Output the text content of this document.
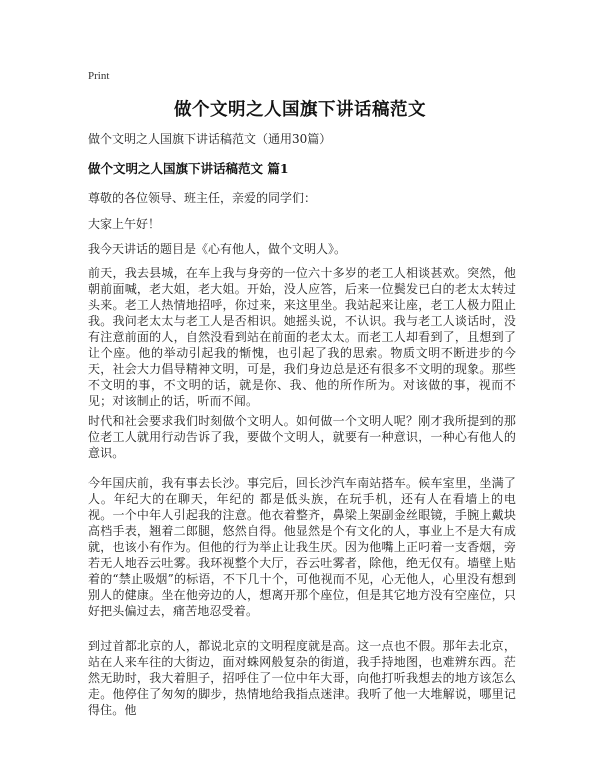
Print
做个文明之人国旗下讲话稿范文
做个文明之人国旗下讲话稿范文（通用30篇）
做个文明之人国旗下讲话稿范文 篇1
尊敬的各位领导、班主任，亲爱的同学们：
大家上午好！
我今天讲话的题目是《心有他人，做个文明人》。
前天，我去县城，在车上我与身旁的一位六十多岁的老工人相谈甚欢。突然，他朝前面喊，老大姐，老大姐。开始，没人应答，后来一位鬓发已白的老太太转过头来。老工人热情地招呼，你过来，来这里坐。我站起来让座，老工人极力阻止我。我问老太太与老工人是否相识。她摇头说，不认识。我与老工人谈话时，没有注意前面的人，自然没看到站在前面的老太太。而老工人却看到了，且想到了让个座。他的举动引起我的惭愧，也引起了我的思索。物质文明不断进步的今天，社会大力倡导精神文明，可是，我们身边总是还有很多不文明的现象。那些不文明的事，不文明的话，就是你、我、他的所作所为。对该做的事，视而不见；对该制止的话，听而不闻。
时代和社会要求我们时刻做个文明人。如何做一个文明人呢？刚才我所提到的那位老工人就用行动告诉了我，要做个文明人，就要有一种意识，一种心有他人的意识。
今年国庆前，我有事去长沙。事完后，回长沙汽车南站搭车。候车室里，坐满了人。年纪大的在聊天，年纪的 都是低头族，在玩手机，还有人在看墙上的电视。一个中年人引起我的注意。他衣着整齐，鼻梁上架副金丝眼镜，手腕上戴块高档手表，翘着二郎腿，悠然自得。他显然是个有文化的人，事业上不是大有成就，也该小有作为。但他的行为举止让我生厌。因为他嘴上正叼着一支香烟，旁若无人地吞云吐雾。我环视整个大厅，吞云吐雾者，除他，绝无仅有。墙壁上贴着的“禁止吸烟”的标语，不下几十个，可他视而不见，心无他人，心里没有想到别人的健康。坐在他旁边的人，想离开那个座位，但是其它地方没有空座位，只好把头偏过去，痛苦地忍受着。
到过首都北京的人，都说北京的文明程度就是高。这一点也不假。那年去北京，站在人来车往的大街边，面对蛛网般复杂的街道，我手持地图，也难辨东西。茫然无助时，我大着胆子，招呼住了一位中年大哥，向他打听我想去的地方该怎么走。他停住了匆匆的脚步，热情地给我指点迷津。我听了他一大堆解说，哪里记得住。他
